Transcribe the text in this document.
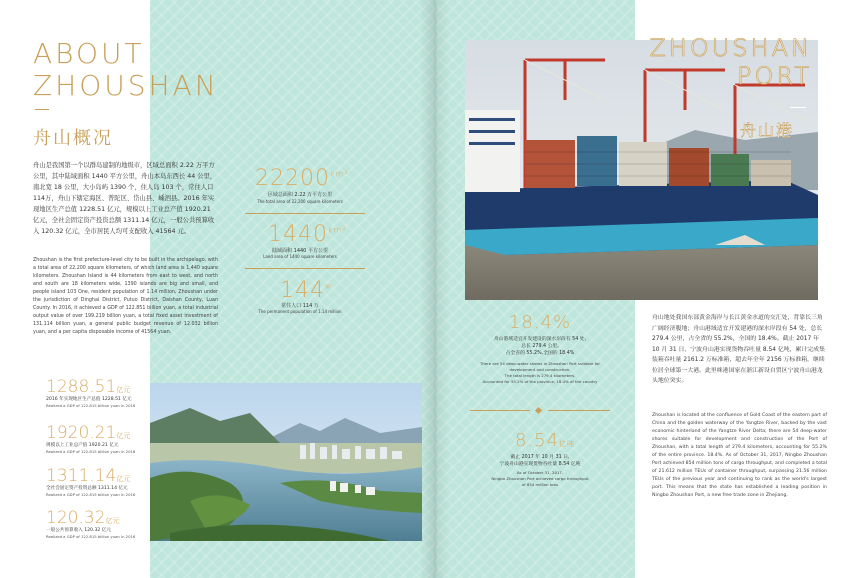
ABOUT
ZHOUSHAN
舟山概况
舟山是我国第一个以群岛建制的地级市，区域总面积 2.22 万平方公里，其中陆域面积 1440 平方公里，舟山本岛东西长 44 公里，南北宽 18 公里，大小岛屿 1390 个，住人岛 103 个，常住人口 114万，舟山下辖定海区、普陀区、岱山县、嵊泗县。2016 年实现地区生产总值 1228.51 亿元，规模以上工业总产值 1920.21 亿元，全社会固定资产投资总额 1311.14 亿元，一般公共预算收入 120.32 亿元，全市居民人均可支配收入 41564 元。
Zhoushan is the first prefecture-level city to be built in the archipelago, with a total area of 22,200 square kilometers, of which land area is 1,440 square kilometers. Zhoushan Island is 44 kilometers from east to west, and north and south are 18 kilometers wide, 1390 islands are big and small, and people island 103 One, resident population of 1.14 million, Zhoushan under the jurisdiction of Dinghai District, Putuo District, Daishan County, Luan County. In 2016, it achieved a GDP of 122.851 billion yuan, a total industrial output value of over 199.219 billion yuan, a total fixed asset investment of 131.114 billion yuan, a general public budget revenue of 12.032 billion yuan, and a per capita disposable income of 41564 yuan.
$22200^{km^2}$
区域总面积 2.22 万平方公里
The total area of 22,200 square kilometers
$1440^{km^2}$
陆域面积 1440 平方公里
Land area of 1440 square kilometers
144$^w$
常住人口 114 万
The permanent population of 1.14 million
1288.51亿元
2016 年实现地区生产总值 1228.51 亿元
Realized a GDP of 122.815 billion yuan in 2016
1920.21亿元
规模以上工业总产值 1920.21 亿元
Realized a GDP of 122.815 billion yuan in 2016
1311.14亿元
全社会固定资产投资总额 1311.14 亿元
Realized a GDP of 122.815 billion yuan in 2016
120.32亿元
一般公共预算收入 120.32 亿元
Realized a GDP of 122.815 billion yuan in 2016
18.4%
舟山港域适宜开发建设的深水岸段有 54 处,
总长 279.4 公里,
占全省的 55.2%,全国的 18.4%
There are 54 deep-water shores in Zhoushan Port suitable for
development and construction.
The total length is 279.4 kilometers.
Accounted for 55.2% of the province, 18.4% of the country
8.54亿吨
截止 2017 年 10 月 31 日,
宁波舟山港实现货物吞吐量 8.54 亿吨
As of October 31, 2017,
Ningbo Zhoushan Port achieved cargo throughput
of 854 million tons
ZHOUSHAN
PORT
舟山港
舟山地处我国东部黄金海岸与长江黄金水道的交汇处，背靠长三角广阔经济腹地；舟山港域适宜开发建港的深水岸段有 54 处，总长 279.4 公里，占全省的 55.2%，全国的 18.4%。截止 2017 年 10 月 31 日，宁波舟山港实现货物吞吐量 8.54 亿吨，累计完成集装箱吞吐量 2161.2 万标准箱，超去年全年 2156 万标准箱，继续位居全球第一大港。此里咪港国家在浙江新设自贸区宁波舟山港龙头地位突实。
Zhoushan is located at the confluence of Gold Coast of the eastern part of China and the golden waterway of the Yangtze River, backed by the vast economic hinterland of the Yangtze River Delta; there are 54 deep-water shores suitable for development and construction of the Port of Zhoushan, with a total length of 279.4 kilometers, accounting for 55.2% of the entire province. 18.4%. As of October 31, 2017, Ningbo Zhoushan Port achieved 854 million tons of cargo throughput, and completed a total of 21.612 million TEUs of container throughput, surpassing 21.56 million TEUs of the previous year and continuing to rank as the world's largest port. This means that the state has established a leading position in Ningbo Zhoushan Port, a new free trade zone in Zhejiang.
